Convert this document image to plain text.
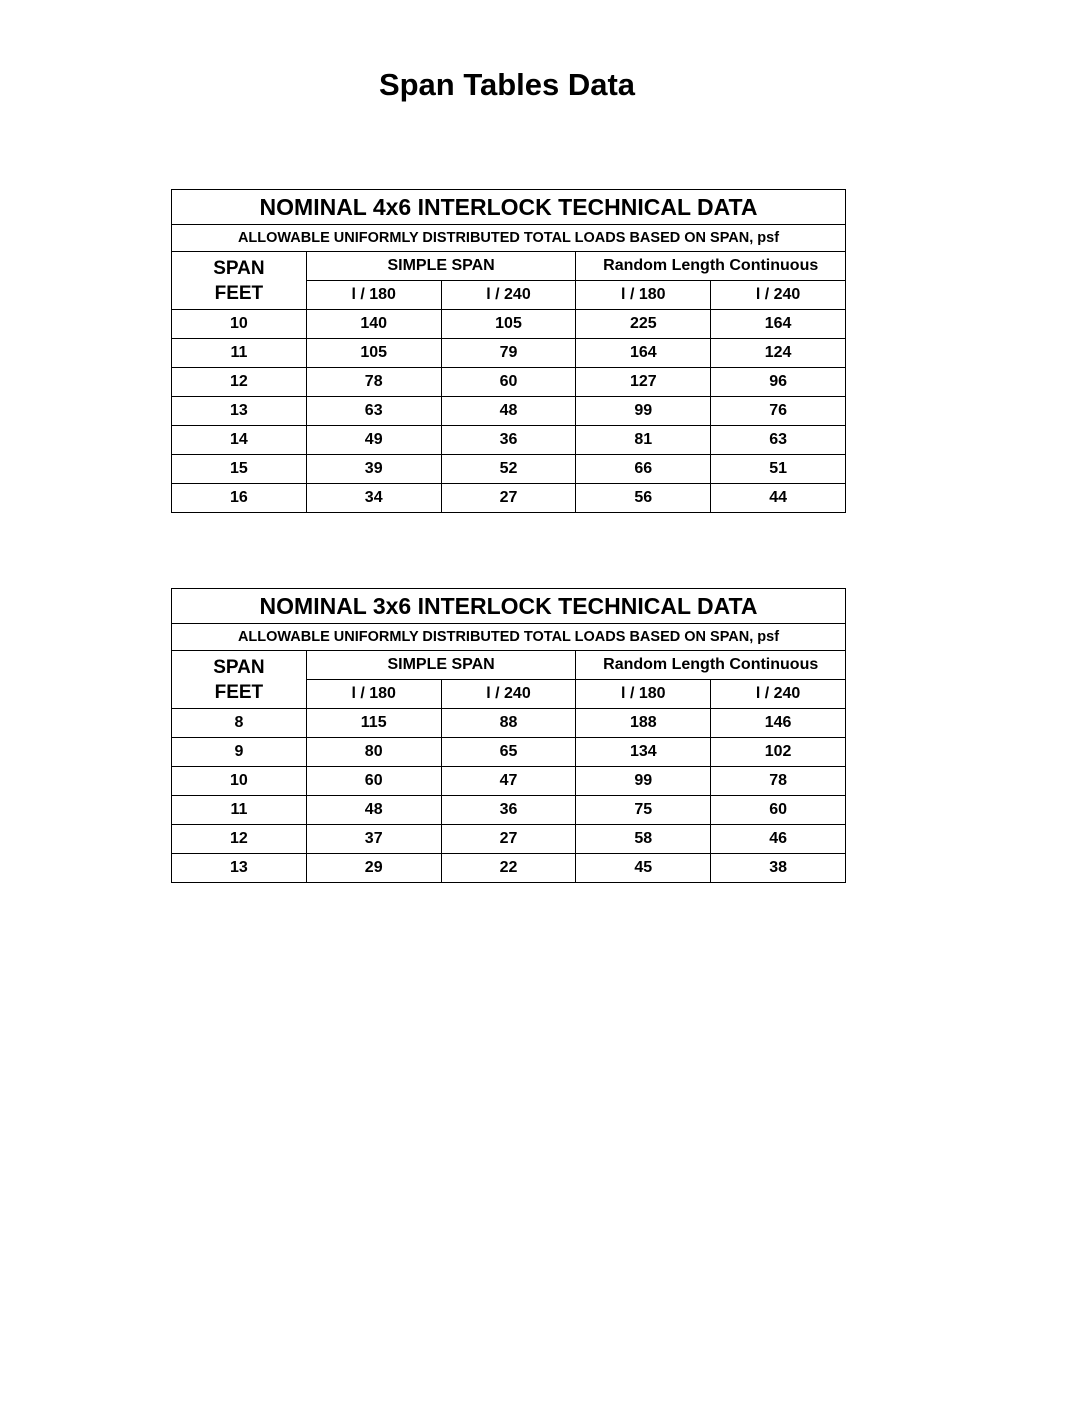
Span Tables Data
NOMINAL 4x6 INTERLOCK TECHNICAL DATA				
ALLOWABLE UNIFORMLY DISTRIBUTED TOTAL LOADS BASED ON SPAN, psf				

SPAN
FEET	SIMPLE SPAN		Random Length Continuous	
	l / 180	l / 240	l / 180	l / 240
10	140	105	225	164
11	105	79	164	124
12	78	60	127	96
13	63	48	99	76
14	49	36	81	63
15	39	52	66	51
16	34	27	56	44
NOMINAL 3x6 INTERLOCK TECHNICAL DATA				
ALLOWABLE UNIFORMLY DISTRIBUTED TOTAL LOADS BASED ON SPAN, psf				

SPAN
FEET	SIMPLE SPAN		Random Length Continuous	
	l / 180	l / 240	l / 180	l / 240
8	115	88	188	146
9	80	65	134	102
10	60	47	99	78
11	48	36	75	60
12	37	27	58	46
13	29	22	45	38
